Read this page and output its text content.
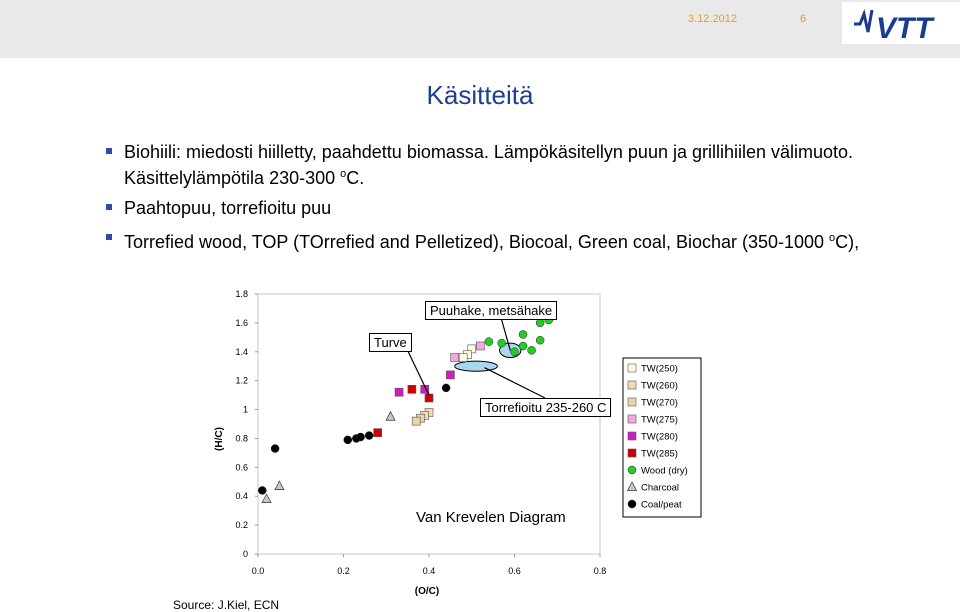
3.12.2012	6 VTT
Käsitteitä
Biohiili: miedosti hiilletty, paahdettu biomassa. Lämpökäsitellyn puun ja grillihiilen välimuoto. Käsittelylämpötila 230-300 $^o$C.
Paahtopuu, torrefioitu puu
Torrefied wood, TOP (TOrrefied and Pelletized), Biocoal, Green coal, Biochar (350-1000 $^o$C),
0
0.2
0.4
0.6
0.8
1
1.2
1.4
1.6
1.8
0.0	0.2	0.4	0.6	0.8
(O/C)
(H/C)
TW(250)
TW(260)
TW(270)
TW(275)
TW(280)
TW(285)
Wood (dry)
Charcoal
Coal/peat
Turve
Puuhake, metsähake
Torrefioitu 235-260 C
Van Krevelen Diagram
Source: J.Kiel, ECN
